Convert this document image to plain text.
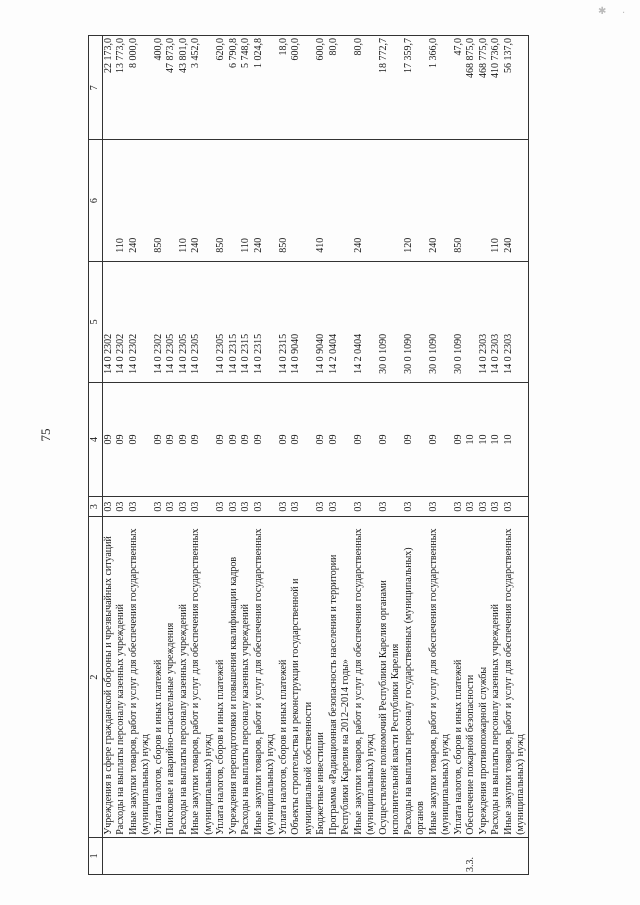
75
✱ ·
1	2	3	4	5	6	7
	Учреждения в сфере гражданской обороны и чрезвычайных ситуаций	03	09	14 0 2302		22 173,0
	Расходы на выплаты персоналу казенных учреждений	03	09	14 0 2302	110	13 773,0
	Иные закупки товаров, работ и услуг для обеспечения государственных (муниципальных) нужд	03	09	14 0 2302	240	8 000,0
	Уплата налогов, сборов и иных платежей	03	09	14 0 2302	850	400,0
	Поисковые и аварийно-спасательные учреждения	03	09	14 0 2305		47 873,0
	Расходы на выплаты персоналу казенных учреждений	03	09	14 0 2305	110	43 801,0
	Иные закупки товаров, работ и услуг для обеспечения государственных (муниципальных) нужд	03	09	14 0 2305	240	3 452,0
	Уплата налогов, сборов и иных платежей	03	09	14 0 2305	850	620,0
	Учреждения переподготовки и повышения квалификации кадров	03	09	14 0 2315		6 790,8
	Расходы на выплаты персоналу казенных учреждений	03	09	14 0 2315	110	5 748,0
	Иные закупки товаров, работ и услуг для обеспечения государственных (муниципальных) нужд	03	09	14 0 2315	240	1 024,8
	Уплата налогов, сборов и иных платежей	03	09	14 0 2315	850	18,0
	Объекты строительства и реконструкции государственной и муниципальной собственности	03	09	14 0 9040		600,0
	Бюджетные инвестиции	03	09	14 0 9040	410	600,0
	Программа «Радиационная безопасность населения и территории Республики Карелия на 2012–2014 годы»	03	09	14 2 0404		80,0
	Иные закупки товаров, работ и услуг для обеспечения государственных (муниципальных) нужд	03	09	14 2 0404	240	80,0
	Осуществление полномочий Республики Карелия органами исполнительной власти Республики Карелия	03	09	30 0 1090		18 772,7
	Расходы на выплаты персоналу государственных (муниципальных) органов	03	09	30 0 1090	120	17 359,7
	Иные закупки товаров, работ и услуг для обеспечения государственных (муниципальных) нужд	03	09	30 0 1090	240	1 366,0
	Уплата налогов, сборов и иных платежей	03	09	30 0 1090	850	47,0
3.3.	Обеспечение пожарной безопасности	03	10			468 875,0
	Учреждения противопожарной службы	03	10	14 0 2303		468 775,0
	Расходы на выплаты персоналу казенных учреждений	03	10	14 0 2303	110	410 736,0
	Иные закупки товаров, работ и услуг для обеспечения государственных (муниципальных) нужд	03	10	14 0 2303	240	56 137,0
